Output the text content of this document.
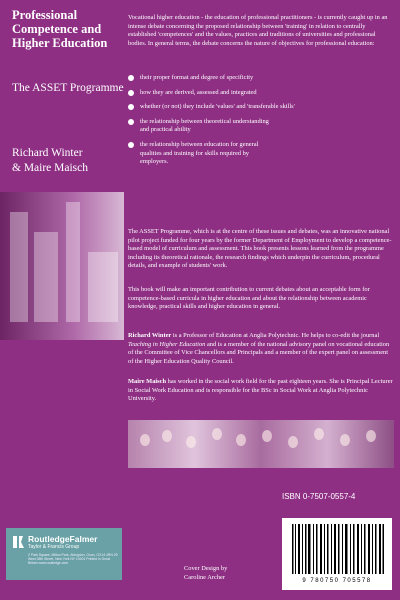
Professional Competence and Higher Education
The ASSET Programme
Richard Winter
& Maire Maisch
RoutledgeFalmer
Taylor & Francis Group
2 Park Square, Milton Park, Abingdon, Oxon, OX14 4RN 29 West 35th Street, New York NY 10001 Printed in Great Britain www.routledge.com
Vocational higher education - the education of professional practitioners - is currently caught up in an intense debate concerning the proposed relationship between 'training' in relation to centrally established 'competences' and the values, practices and traditions of universities and professional bodies. In general terms, the debate concerns the nature of objectives for professional education:
their proper format and degree of specificity
how they are derived, assessed and integrated
whether (or not) they include 'values' and 'transferable skills'
the relationship between theoretical understanding and practical ability
the relationship between education for general qualities and training for skills required by employers.
The ASSET Programme, which is at the centre of these issues and debates, was an innovative national pilot project funded for four years by the former Department of Employment to develop a competence-based model of curriculum and assessment. This book presents lessons learned from the programme including its theoretical rationale, the research findings which underpin the curriculum, procedural details, and example of students' work.
This book will make an important contribution to current debates about an acceptable form for competence-based curricula in higher education and about the relationship between academic knowledge, practical skills and higher education in general.
Richard Winter is a Professor of Education at Anglia Polytechnic. He helps to co-edit the journal Teaching in Higher Education and is a member of the national advisory panel on vocational education of the Committee of Vice Chancellors and Principals and a member of the expert panel on assessment of the Higher Education Quality Council.
Maire Maisch has worked in the social work field for the past eighteen years. She is Principal Lecturer in Social Work Education and is responsible for the BSc in Social Work at Anglia Polytechnic University.
Cover Design by
Caroline Archer
ISBN 0-7507-0557-4
9 780750 705578
